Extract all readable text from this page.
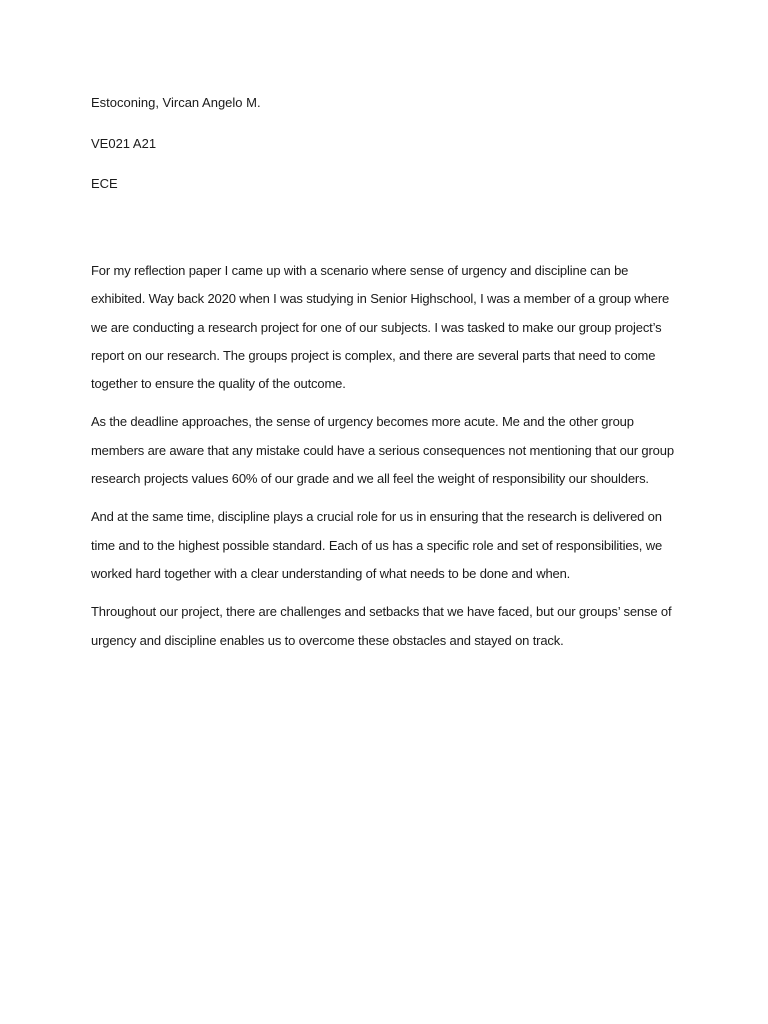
Estoconing, Vircan Angelo M.

VE021 A21

ECE

For my reflection paper I came up with a scenario where sense of urgency and discipline can be exhibited. Way back 2020 when I was studying in Senior Highschool, I was a member of a group where we are conducting a research project for one of our subjects. I was tasked to make our group project’s report on our research. The groups project is complex, and there are several parts that need to come together to ensure the quality of the outcome.

As the deadline approaches, the sense of urgency becomes more acute. Me and the other group members are aware that any mistake could have a serious consequences not mentioning that our group research projects values 60% of our grade and we all feel the weight of responsibility our shoulders.

And at the same time, discipline plays a crucial role for us in ensuring that the research is delivered on time and to the highest possible standard. Each of us has a specific role and set of responsibilities, we worked hard together with a clear understanding of what needs to be done and when.

Throughout our project, there are challenges and setbacks that we have faced, but our groups’ sense of urgency and discipline enables us to overcome these obstacles and stayed on track.
